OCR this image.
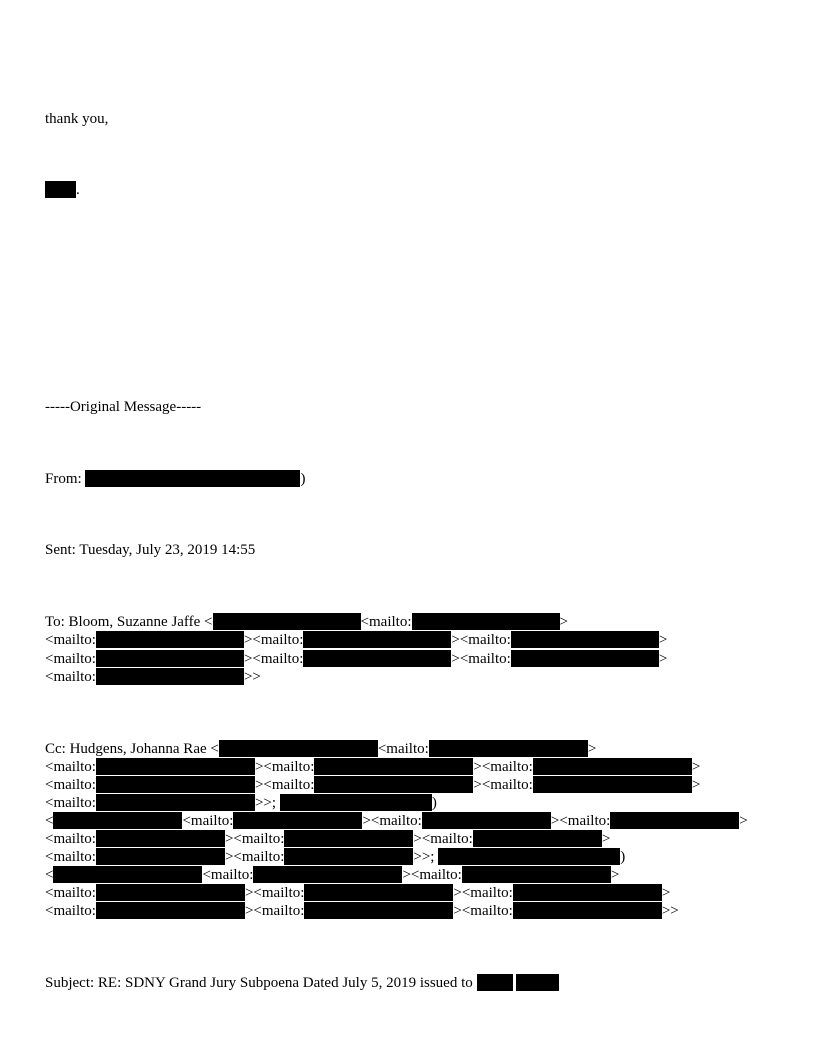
thank you,
.
-----Original Message-----
From:	)
Sent: Tuesday, July 23, 2019 14:55
To: Bloom, Suzanne Jaffe <	<mailto:	>
<mailto:	><mailto:	><mailto:	>
<mailto:	><mailto:	><mailto:	>
<mailto:	>>
Cc: Hudgens, Johanna Rae <	<mailto:	>
<mailto:	><mailto:	><mailto:	>
<mailto:	><mailto:	><mailto:	>
<mailto:	>>;	)
<	<mailto:	><mailto:	><mailto:	>
<mailto:	><mailto:	><mailto:	>
<mailto:	><mailto:	>>;	)
<	<mailto:	><mailto:	>
<mailto:	><mailto:	><mailto:	>
<mailto:	><mailto:	><mailto:	>>
Subject: RE: SDNY Grand Jury Subpoena Dated July 5, 2019 issued to
